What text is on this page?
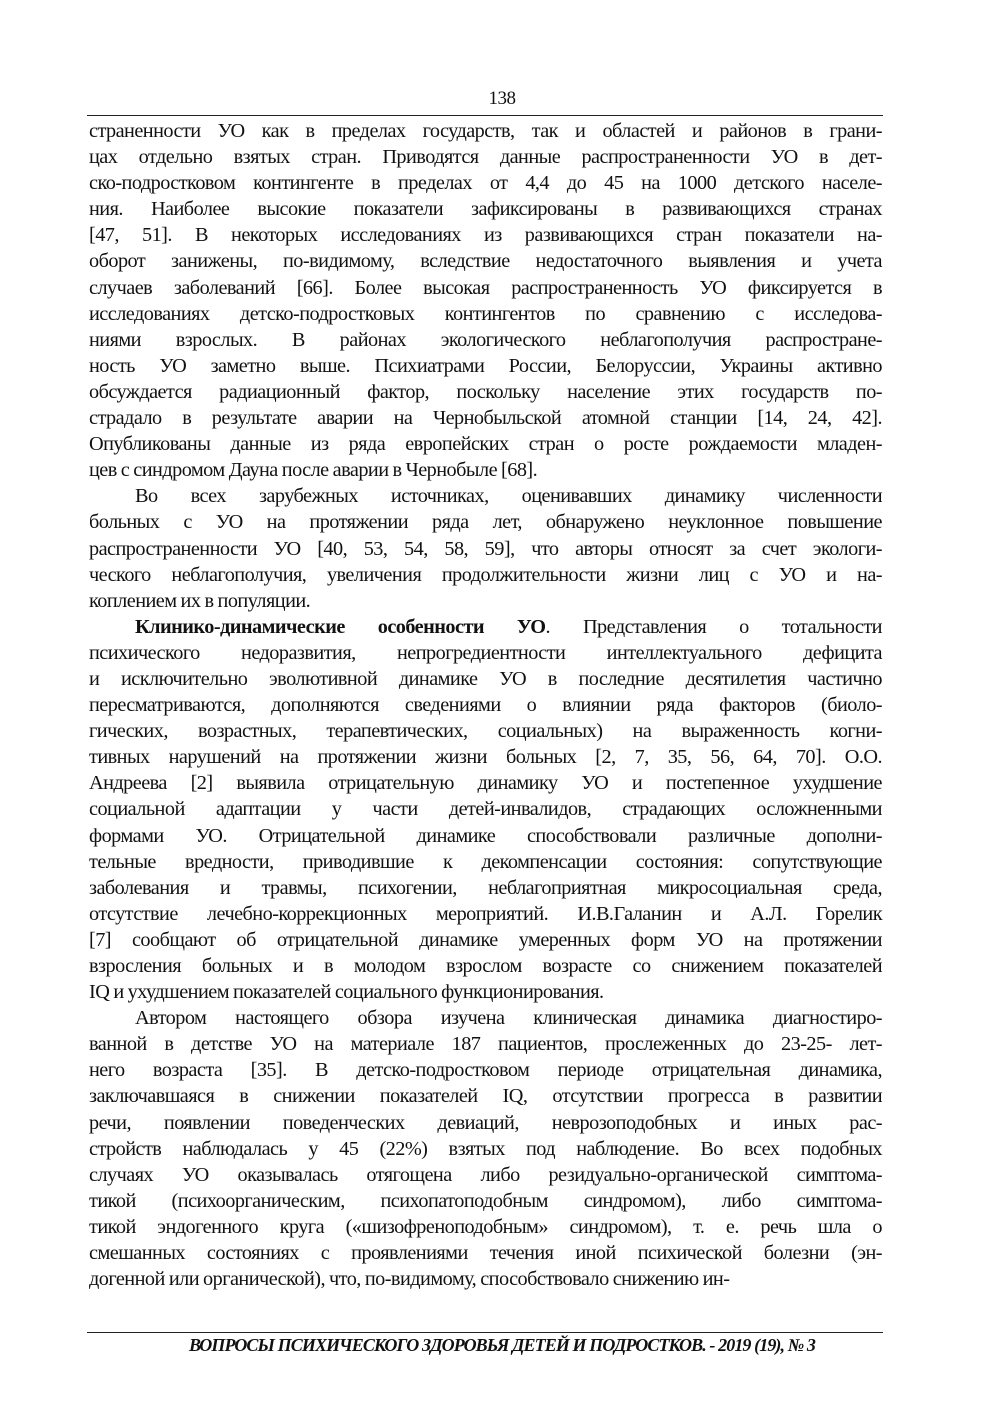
138
страненности УО как в пределах государств, так и областей и районов в грани-
цах отдельно взятых стран. Приводятся данные распространенности УО в дет-
ско-подростковом контингенте в пределах от 4,4 до 45 на 1000 детского населе-
ния. Наиболее высокие показатели зафиксированы в развивающихся странах
[47, 51]. В некоторых исследованиях из развивающихся стран показатели на-
оборот занижены, по-видимому, вследствие недостаточного выявления и учета
случаев заболеваний [66]. Более высокая распространенность УО фиксируется в
исследованиях детско-подростковых контингентов по сравнению с исследова-
ниями взрослых. В районах экологического неблагополучия распростране-
ность УО заметно выше. Психиатрами России, Белоруссии, Украины активно
обсуждается радиационный фактор, поскольку население этих государств по-
страдало в результате аварии на Чернобыльской атомной станции [14, 24, 42].
Опубликованы данные из ряда европейских стран о росте рождаемости младен-
цев с синдромом Дауна после аварии в Чернобыле [68].
Во всех зарубежных источниках, оценивавших динамику численности
больных с УО на протяжении ряда лет, обнаружено неуклонное повышение
распространенности УО [40, 53, 54, 58, 59], что авторы относят за счет экологи-
ческого неблагополучия, увеличения продолжительности жизни лиц с УО и на-
коплением их в популяции.
Клинико-динамические особенности УО. Представления о тотальности
психического недоразвития, непрогредиентности интеллектуального дефицита
и исключительно эволютивной динамике УО в последние десятилетия частично
пересматриваются, дополняются сведениями о влиянии ряда факторов (биоло-
гических, возрастных, терапевтических, социальных) на выраженность когни-
тивных нарушений на протяжении жизни больных [2, 7, 35, 56, 64, 70]. О.О.
Андреева [2] выявила отрицательную динамику УО и постепенное ухудшение
социальной адаптации у части детей-инвалидов, страдающих осложненными
формами УО. Отрицательной динамике способствовали различные дополни-
тельные вредности, приводившие к декомпенсации состояния: сопутствующие
заболевания и травмы, психогении, неблагоприятная микросоциальная среда,
отсутствие лечебно-коррекционных мероприятий. И.В.Галанин и А.Л. Горелик
[7] сообщают об отрицательной динамике умеренных форм УО на протяжении
взросления больных и в молодом взрослом возрасте со снижением показателей
IQ и ухудшением показателей социального функционирования.
Автором настоящего обзора изучена клиническая динамика диагностиро-
ванной в детстве УО на материале 187 пациентов, прослеженных до 23-25- лет-
него возраста [35]. В детско-подростковом периоде отрицательная динамика,
заключавшаяся в снижении показателей IQ, отсутствии прогресса в развитии
речи, появлении поведенческих девиаций, неврозоподобных и иных рас-
стройств наблюдалась у 45 (22%) взятых под наблюдение. Во всех подобных
случаях УО оказывалась отягощена либо резидуально-органической симптома-
тикой (психоорганическим, психопатоподобным синдромом), либо симптома-
тикой эндогенного круга («шизофреноподобным» синдромом), т. е. речь шла о
смешанных состояниях с проявлениями течения иной психической болезни (эн-
догенной или органической), что, по-видимому, способствовало снижению ин-
ВОПРОСЫ ПСИХИЧЕСКОГО ЗДОРОВЬЯ ДЕТЕЙ И ПОДРОСТКОВ. - 2019 (19), № 3
